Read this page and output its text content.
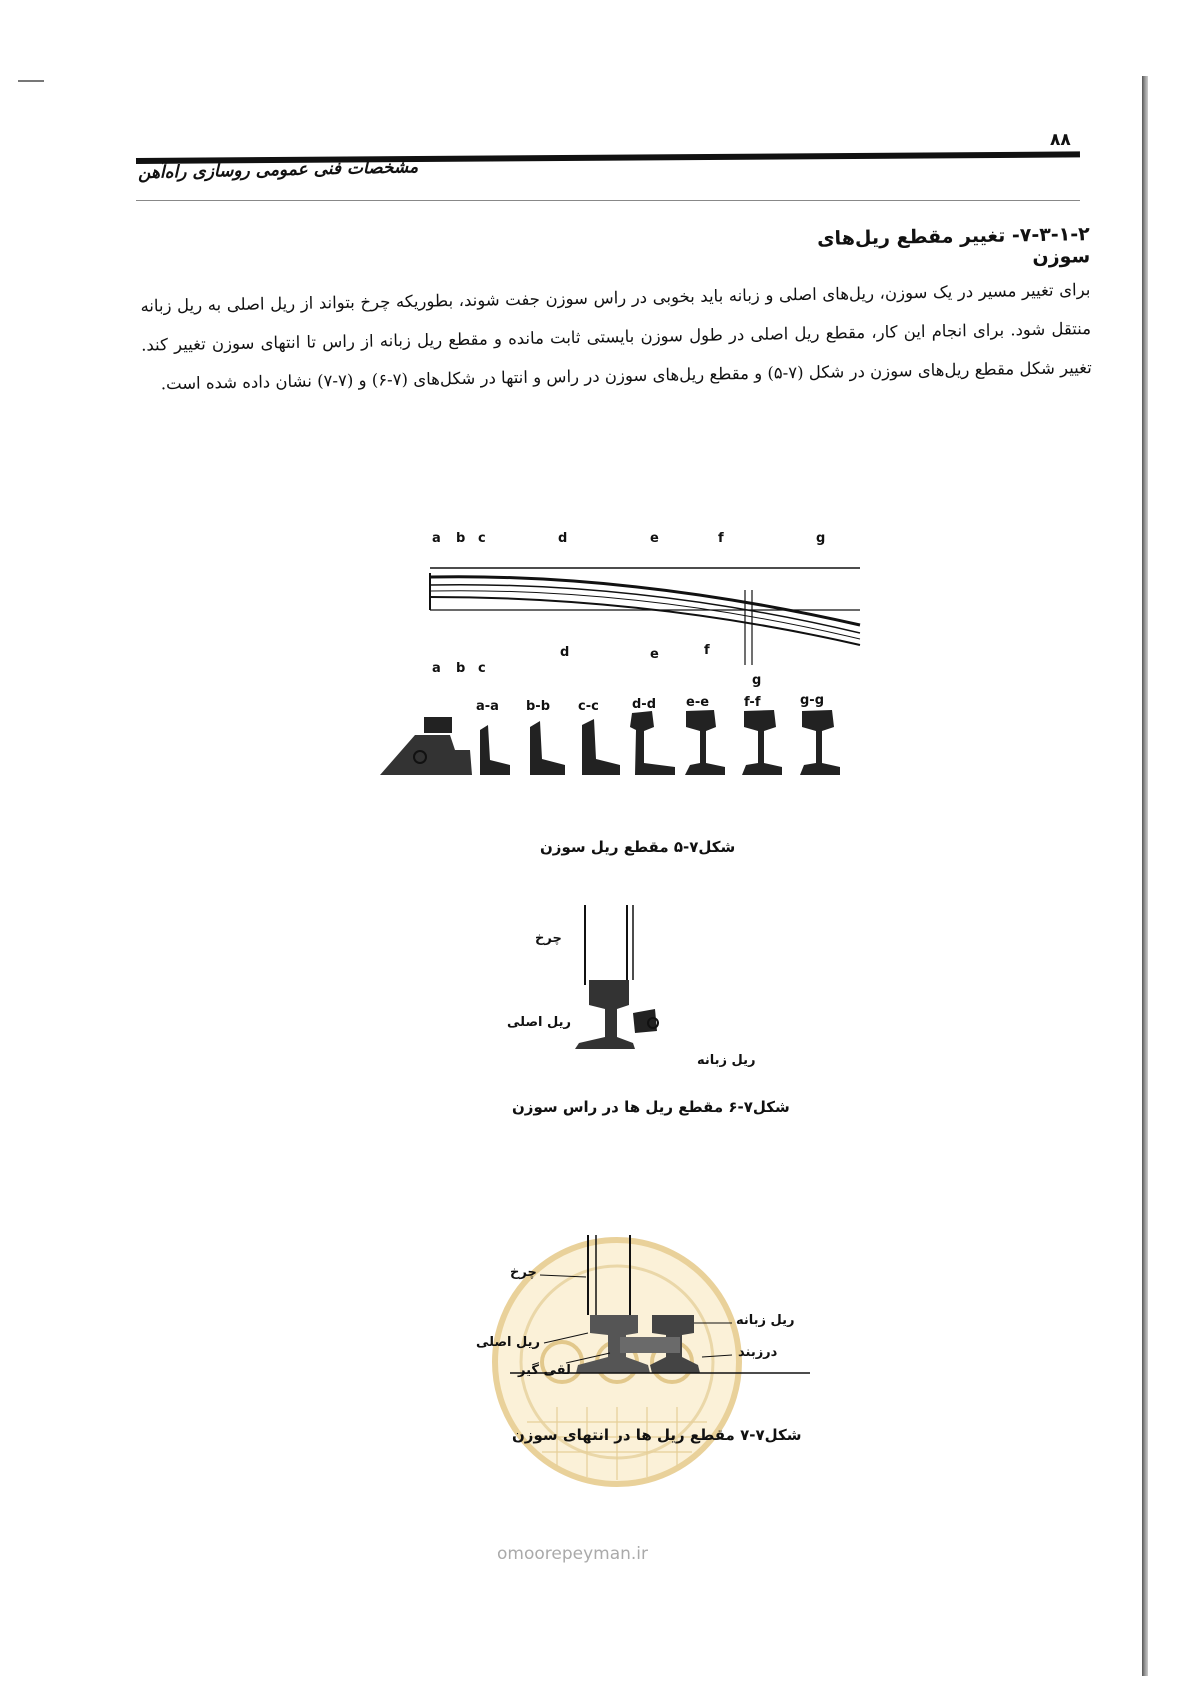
۸۸
مشخصات فنی عمومی روسازی راه‌آهن
۷-۳-۱-۲- تغییر مقطع ریل‌های سوزن
برای تغییر مسیر در یک سوزن، ریل‌های اصلی و زبانه باید بخوبی در راس سوزن جفت شوند، بطوریکه چرخ بتواند از ریل اصلی به ریل زبانه منتقل شود. برای انجام این کار، مقطع ریل اصلی در طول سوزن بایستی ثابت مانده و مقطع ریل زبانه از راس تا انتهای سوزن تغییر کند. تغییر شکل مقطع ریل‌های سوزن در شکل (۷-۵) و مقطع ریل‌های سوزن در راس و انتها در شکل‌های (۷-۶) و (۷-۷) نشان داده شده است.
a b c	d	e	f	g
a b c
d	e	f
g
a-a b-b c-c	d-d e-e	f-f	g-g
شکل۷-۵ مقطع ریل سوزن
چرخ
ریل اصلی
ریل زبانه
شکل۷-۶ مقطع ریل ها در راس سوزن
omoorepeyman.ir
چرخ
ریل اصلی
لقی گیر
ریل زبانه
درزبند
شکل۷-۷ مقطع ریل ها در انتهای سوزن
